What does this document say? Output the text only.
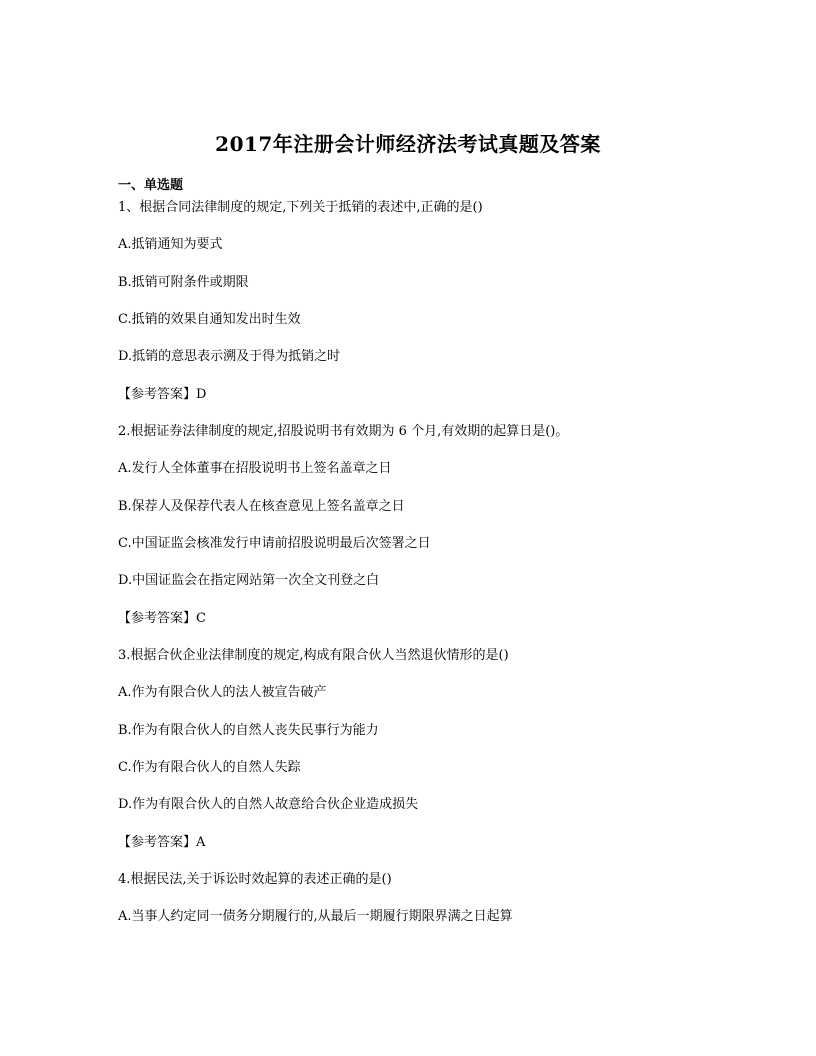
2017年注册会计师经济法考试真题及答案
一、单选题
1、根据合同法律制度的规定,下列关于抵销的表述中,正确的是()
A.抵销通知为要式
B.抵销可附条件或期限
C.抵销的效果自通知发出时生效
D.抵销的意思表示溯及于得为抵销之时
【参考答案】D
2.根据证券法律制度的规定,招股说明书有效期为 6 个月,有效期的起算日是()。
A.发行人全体董事在招股说明书上签名盖章之日
B.保荐人及保荐代表人在核查意见上签名盖章之日
C.中国证监会核准发行申请前招股说明最后次签署之日
D.中国证监会在指定网站第一次全文刊登之白
【参考答案】C
3.根据合伙企业法律制度的规定,构成有限合伙人当然退伙情形的是()
A.作为有限合伙人的法人被宣告破产
B.作为有限合伙人的自然人丧失民事行为能力
C.作为有限合伙人的自然人失踪
D.作为有限合伙人的自然人故意给合伙企业造成损失
【参考答案】A
4.根据民法,关于诉讼时效起算的表述正确的是()
A.当事人约定同一债务分期履行的,从最后一期履行期限界满之日起算
